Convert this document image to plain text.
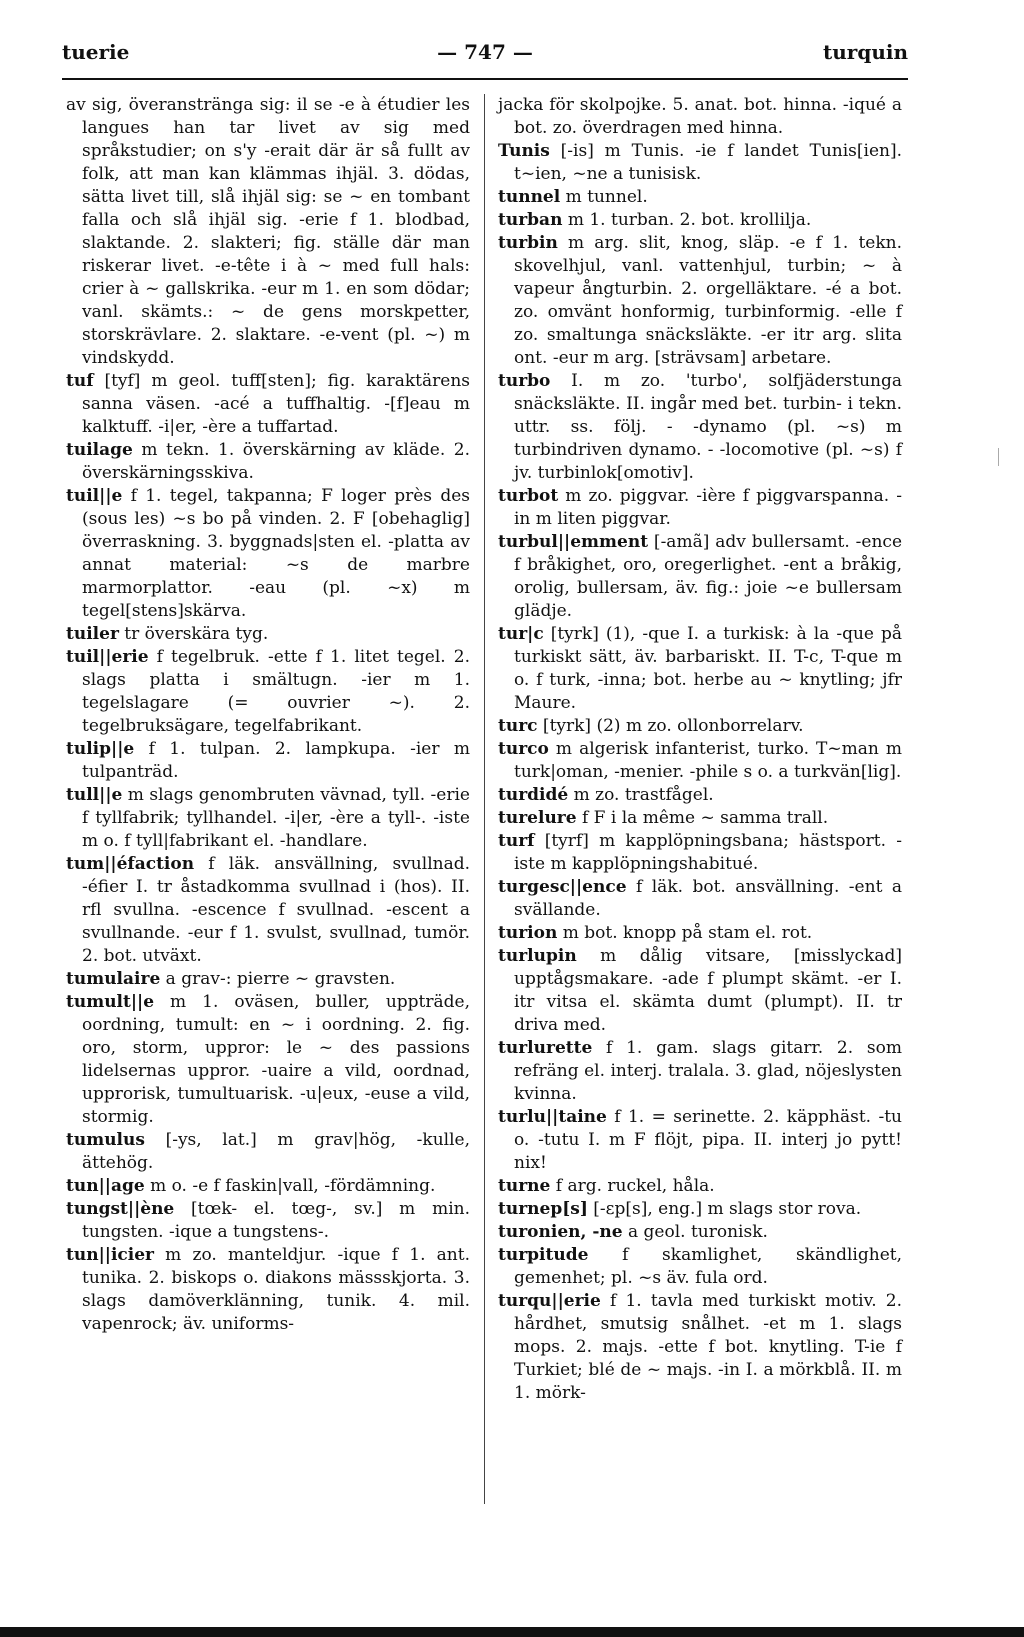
tuerie	— 747 —	turquin
av sig, överanstränga sig: il se -e à étudier les langues han tar livet av sig med språkstudier; on s'y -erait där är så fullt av folk, att man kan klämmas ihjäl. 3. dödas, sätta livet till, slå ihjäl sig: se ~ en tombant falla och slå ihjäl sig. -erie f 1. blodbad, slaktande. 2. slakteri; fig. ställe där man riskerar livet. -e-tête i à ~ med full hals: crier à ~ gallskrika. -eur m 1. en som dödar; vanl. skämts.: ~ de gens morskpetter, storskrävlare. 2. slaktare. -e-vent (pl. ~) m vindskydd.
tuf [tyf] m geol. tuff[sten]; fig. karaktärens sanna väsen. -acé a tuffhaltig. -[f]eau m kalktuff. -i|er, -ère a tuffartad.
tuilage m tekn. 1. överskärning av kläde. 2. överskärningsskiva.
tuil||e f 1. tegel, takpanna; F loger près des (sous les) ~s bo på vinden. 2. F [obehaglig] överraskning. 3. byggnads|sten el. -platta av annat material: ~s de marbre marmorplattor. -eau (pl. ~x) m tegel[stens]skärva.
tuiler tr överskära tyg.
tuil||erie f tegelbruk. -ette f 1. litet tegel. 2. slags platta i smältugn. -ier m 1. tegelslagare (= ouvrier ~). 2. tegelbruksägare, tegelfabrikant.
tulip||e f 1. tulpan. 2. lampkupa. -ier m tulpanträd.
tull||e m slags genombruten vävnad, tyll. -erie f tyllfabrik; tyllhandel. -i|er, -ère a tyll-. -iste m o. f tyll|fabrikant el. -handlare.
tum||éfaction f läk. ansvällning, svullnad. -éfier I. tr åstadkomma svullnad i (hos). II. rfl svullna. -escence f svullnad. -escent a svullnande. -eur f 1. svulst, svullnad, tumör. 2. bot. utväxt.
tumulaire a grav-: pierre ~ gravsten.
tumult||e m 1. oväsen, buller, uppträde, oordning, tumult: en ~ i oordning. 2. fig. oro, storm, uppror: le ~ des passions lidelsernas uppror. -uaire a vild, oordnad, upprorisk, tumultuarisk. -u|eux, -euse a vild, stormig.
tumulus [-ys, lat.] m grav|hög, -kulle, ättehög.
tun||age m o. -e f faskin|vall, -fördämning.
tungst||ène [tœk- el. tœg-, sv.] m min. tungsten. -ique a tungstens-.
tun||icier m zo. manteldjur. -ique f 1. ant. tunika. 2. biskops o. diakons mässskjorta. 3. slags damöverklänning, tunik. 4. mil. vapenrock; äv. uniforms-
jacka för skolpojke. 5. anat. bot. hinna. -iqué a bot. zo. överdragen med hinna.
Tunis [-is] m Tunis. -ie f landet Tunis[ien]. t~ien, ~ne a tunisisk.
tunnel m tunnel.
turban m 1. turban. 2. bot. krollilja.
turbin m arg. slit, knog, släp. -e f 1. tekn. skovelhjul, vanl. vattenhjul, turbin; ~ à vapeur ångturbin. 2. orgelläktare. -é a bot. zo. omvänt honformig, turbinformig. -elle f zo. smaltunga snäcksläkte. -er itr arg. slita ont. -eur m arg. [strävsam] arbetare.
turbo I. m zo. 'turbo', solfjäderstunga snäcksläkte. II. ingår med bet. turbin- i tekn. uttr. ss. följ. - -dynamo (pl. ~s) m turbindriven dynamo. - -locomotive (pl. ~s) f jv. turbinlok[omotiv].
turbot m zo. piggvar. -ière f piggvarspanna. -in m liten piggvar.
turbul||emment [-amã] adv bullersamt. -ence f bråkighet, oro, oregerlighet. -ent a bråkig, orolig, bullersam, äv. fig.: joie ~e bullersam glädje.
tur|c [tyrk] (1), -que I. a turkisk: à la -que på turkiskt sätt, äv. barbariskt. II. T-c, T-que m o. f turk, -inna; bot. herbe au ~ knytling; jfr Maure.
turc [tyrk] (2) m zo. ollonborrelarv.
turco m algerisk infanterist, turko. T~man m turk|oman, -menier. -phile s o. a turkvän[lig].
turdidé m zo. trastfågel.
turelure f F i la même ~ samma trall.
turf [tyrf] m kapplöpningsbana; hästsport. -iste m kapplöpningshabitué.
turgesc||ence f läk. bot. ansvällning. -ent a svällande.
turion m bot. knopp på stam el. rot.
turlupin m dålig vitsare, [misslyckad] upptågsmakare. -ade f plumpt skämt. -er I. itr vitsa el. skämta dumt (plumpt). II. tr driva med.
turlurette f 1. gam. slags gitarr. 2. som refräng el. interj. tralala. 3. glad, nöjeslysten kvinna.
turlu||taine f 1. = serinette. 2. käpphäst. -tu o. -tutu I. m F flöjt, pipa. II. interj jo pytt! nix!
turne f arg. ruckel, håla.
turnep[s] [-εp[s], eng.] m slags stor rova.
turonien, -ne a geol. turonisk.
turpitude f skamlighet, skändlighet, gemenhet; pl. ~s äv. fula ord.
turqu||erie f 1. tavla med turkiskt motiv. 2. hårdhet, smutsig snålhet. -et m 1. slags mops. 2. majs. -ette f bot. knytling. T-ie f Turkiet; blé de ~ majs. -in I. a mörkblå. II. m 1. mörk-
